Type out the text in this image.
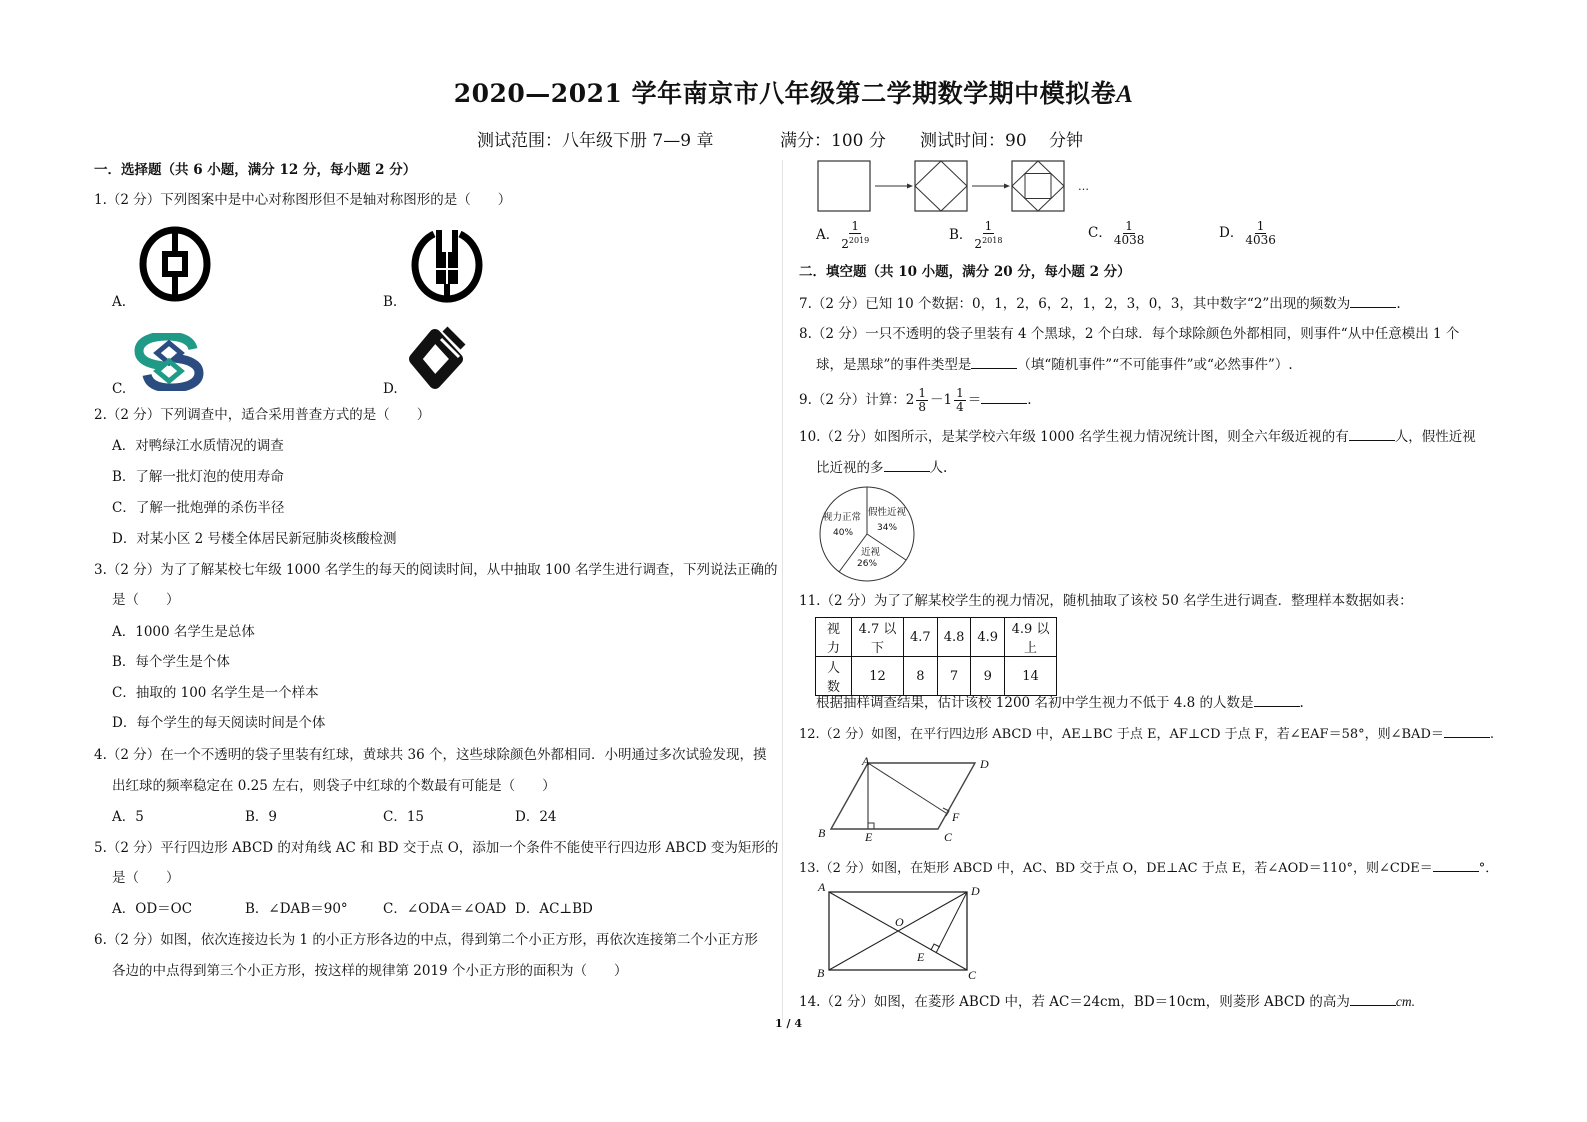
2020—2021 学年南京市八年级第二学期数学期中模拟卷A
测试范围：八年级下册 7—9 章	满分：100 分 测试时间：90　 分钟
一．选择题（共 6 小题，满分 12 分，每小题 2 分）
1.（2 分）下列图案中是中心对称图形但不是轴对称图形的是（　　）
A.	B.
C.	D.
2.（2 分）下列调查中，适合采用普查方式的是（　　）
A．对鸭绿江水质情况的调查
B．了解一批灯泡的使用寿命
C．了解一批炮弹的杀伤半径
D．对某小区 2 号楼全体居民新冠肺炎核酸检测
3.（2 分）为了了解某校七年级 1000 名学生的每天的阅读时间，从中抽取 100 名学生进行调查，下列说法正确的
是（　　）
A．1000 名学生是总体
B．每个学生是个体
C．抽取的 100 名学生是一个样本
D．每个学生的每天阅读时间是个体
4.（2 分）在一个不透明的袋子里装有红球，黄球共 36 个，这些球除颜色外都相同．小明通过多次试验发现，摸
出红球的频率稳定在 0.25 左右，则袋子中红球的个数最有可能是（　　）
A．5	B．9	C．15	D．24
5.（2 分）平行四边形 ABCD 的对角线 AC 和 BD 交于点 O，添加一个条件不能使平行四边形 ABCD 变为矩形的
是（　　）
A．OD＝OC	B．∠DAB＝90°	C．∠ODA＝∠OAD D．AC⊥BD
6.（2 分）如图，依次连接边长为 1 的小正方形各边的中点，得到第二个小正方形，再依次连接第二个小正方形
各边的中点得到第三个小正方形，按这样的规律第 2019 个小正方形的面积为（　　）
…
A． $\frac{1}{2^{2019}}$	B． $\frac{1}{2^{2018}}$	C． $\frac{1}{4038}$	D． $\frac{1}{4036}$
二．填空题（共 10 小题，满分 20 分，每小题 2 分）
7.（2 分）已知 10 个数据：0，1，2，6，2，1，2，3，0，3，其中数字“2”出现的频数为	.
8.（2 分）一只不透明的袋子里装有 4 个黑球，2 个白球．每个球除颜色外都相同，则事件“从中任意模出 1 个
球，是黑球”的事件类型是	（填“随机事件”“不可能事件”或“必然事件”）.
9.（2 分）计算：$2 \frac{1}{8} -1 \frac{1}{4}$ ＝	.
10.（2 分）如图所示，是某学校六年级 1000 名学生视力情况统计图，则全六年级近视的有	人，假性近视
比近视的多	人.
视力正常
40%
假性近视
34%
近视
26%
11.（2 分）为了了解某校学生的视力情况，随机抽取了该校 50 名学生进行调查．整理样本数据如表：
视力	4.7 以下	4.7	4.8	4.9	4.9 以上
人数	12	8	7	9	14
根据抽样调查结果，估计该校 1200 名初中学生视力不低于 4.8 的人数是	.
12.（2 分）如图，在平行四边形 ABCD 中，AE⊥BC 于点 E，AF⊥CD 于点 F，若∠EAF＝58°，则∠BAD＝	.
A	D
B	E	C
F
13.（2 分）如图，在矩形 ABCD 中，AC、BD 交于点 O，DE⊥AC 于点 E，若∠AOD＝110°，则∠CDE＝	°．
A	D
O
E
B	C
14.（2 分）如图，在菱形 ABCD 中，若 AC＝24cm，BD＝10cm，则菱形 ABCD 的高为	cm.
1 / 4
